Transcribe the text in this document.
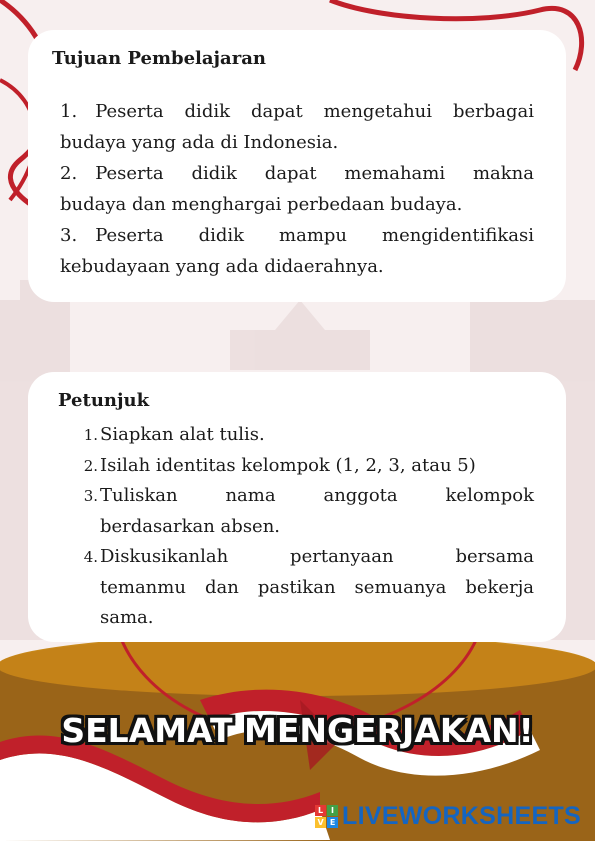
Tujuan Pembelajaran
1. Peserta didik dapat mengetahui berbagai
budaya yang ada di Indonesia.
2. Peserta didik dapat memahami makna
budaya dan menghargai perbedaan budaya.
3. Peserta didik mampu mengidentifikasi
kebudayaan yang ada didaerahnya.
Petunjuk
1. Siapkan alat tulis.
2. Isilah identitas kelompok (1, 2, 3, atau 5)
3. Tuliskan nama anggota kelompok
berdasarkan absen.
4. Diskusikanlah pertanyaan bersama
temanmu dan pastikan semuanya bekerja sama.
SELAMAT MENGERJAKAN!
L I
V E LIVEWORKSHEETS
